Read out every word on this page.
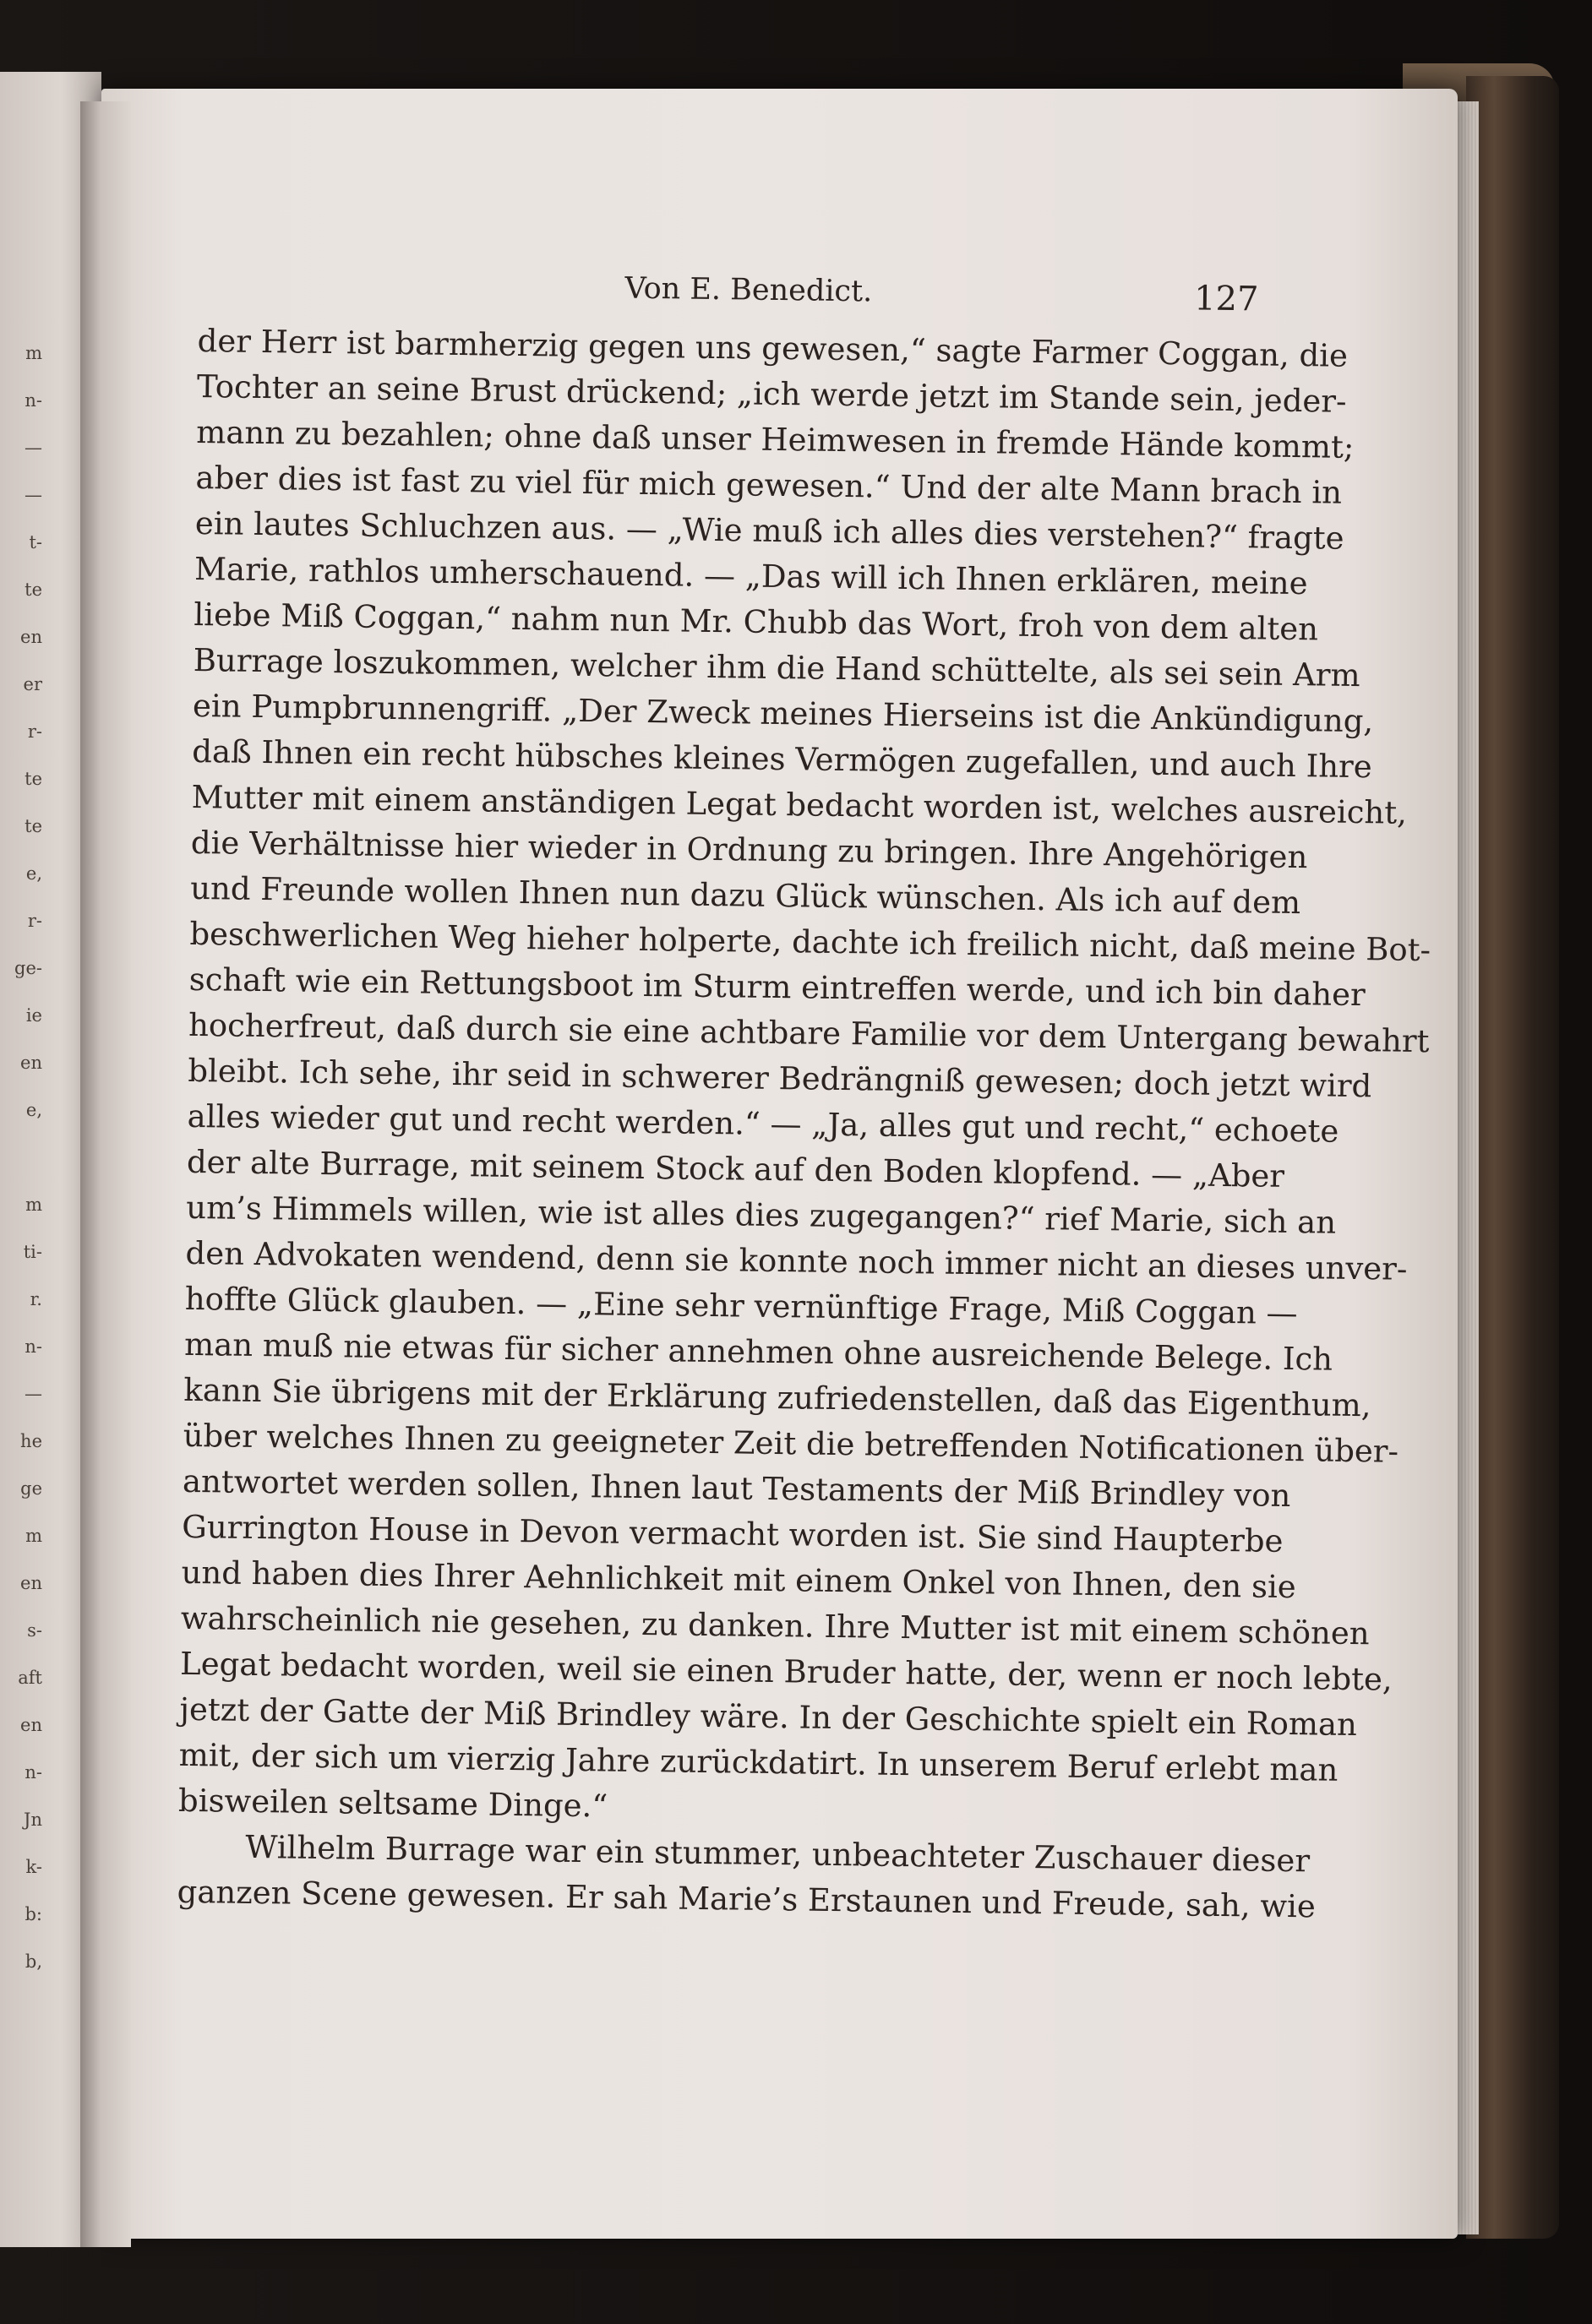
m
n-
—
—
t-
te
en
er
r-
te
te
e,
r-
ge-
ie
en
e,
m
ti-
r.
n-
—
he
ge
m
en
s-
aft
en
n-
Jn
k-
b:
b,
Von E. Benedict.	127
der Herr ist barmherzig gegen uns gewesen,“ sagte Farmer Coggan, die
Tochter an seine Brust drückend; „ich werde jetzt im Stande sein, jeder-
mann zu bezahlen; ohne daß unser Heimwesen in fremde Hände kommt;
aber dies ist fast zu viel für mich gewesen.“ Und der alte Mann brach in
ein lautes Schluchzen aus. — „Wie muß ich alles dies verstehen?“ fragte
Marie, rathlos umherschauend. — „Das will ich Ihnen erklären, meine
liebe Miß Coggan,“ nahm nun Mr. Chubb das Wort, froh von dem alten
Burrage loszukommen, welcher ihm die Hand schüttelte, als sei sein Arm
ein Pumpbrunnengriff. „Der Zweck meines Hierseins ist die Ankündigung,
daß Ihnen ein recht hübsches kleines Vermögen zugefallen, und auch Ihre
Mutter mit einem anständigen Legat bedacht worden ist, welches ausreicht,
die Verhältnisse hier wieder in Ordnung zu bringen. Ihre Angehörigen
und Freunde wollen Ihnen nun dazu Glück wünschen. Als ich auf dem
beschwerlichen Weg hieher holperte, dachte ich freilich nicht, daß meine Bot-
schaft wie ein Rettungsboot im Sturm eintreffen werde, und ich bin daher
hocherfreut, daß durch sie eine achtbare Familie vor dem Untergang bewahrt
bleibt. Ich sehe, ihr seid in schwerer Bedrängniß gewesen; doch jetzt wird
alles wieder gut und recht werden.“ — „Ja, alles gut und recht,“ echoete
der alte Burrage, mit seinem Stock auf den Boden klopfend. — „Aber
um’s Himmels willen, wie ist alles dies zugegangen?“ rief Marie, sich an
den Advokaten wendend, denn sie konnte noch immer nicht an dieses unver-
hoffte Glück glauben. — „Eine sehr vernünftige Frage, Miß Coggan —
man muß nie etwas für sicher annehmen ohne ausreichende Belege. Ich
kann Sie übrigens mit der Erklärung zufriedenstellen, daß das Eigenthum,
über welches Ihnen zu geeigneter Zeit die betreffenden Notificationen über-
antwortet werden sollen, Ihnen laut Testaments der Miß Brindley von
Gurrington House in Devon vermacht worden ist. Sie sind Haupterbe
und haben dies Ihrer Aehnlichkeit mit einem Onkel von Ihnen, den sie
wahrscheinlich nie gesehen, zu danken. Ihre Mutter ist mit einem schönen
Legat bedacht worden, weil sie einen Bruder hatte, der, wenn er noch lebte,
jetzt der Gatte der Miß Brindley wäre. In der Geschichte spielt ein Roman
mit, der sich um vierzig Jahre zurückdatirt. In unserem Beruf erlebt man
bisweilen seltsame Dinge.“
Wilhelm Burrage war ein stummer, unbeachteter Zuschauer dieser
ganzen Scene gewesen. Er sah Marie’s Erstaunen und Freude, sah, wie
